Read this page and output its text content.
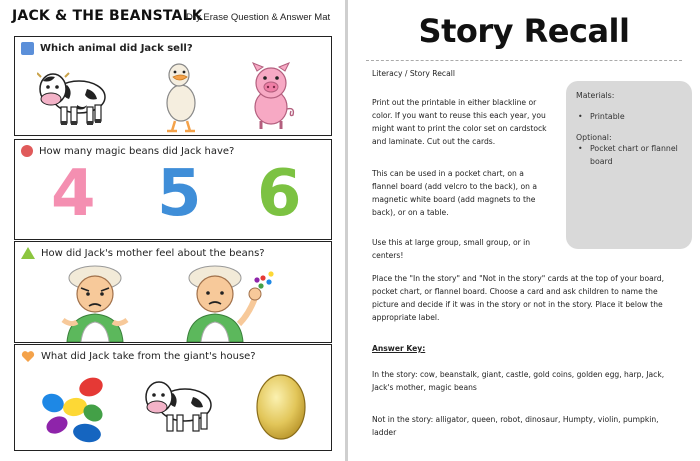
JACK & THE BEANSTALK
Dry Erase Question & Answer Mat
Which animal did Jack sell?
How many magic beans did Jack have?
4 5 6
How did Jack's mother feel about the beans?
What did Jack take from the giant's house?
Story Recall
Literacy / Story Recall
Print out the printable in either blackline or color. If you want to reuse this each year, you might want to print the color set on cardstock and laminate. Cut out the cards.
This can be used in a pocket chart, on a flannel board (add velcro to the back), on a magnetic white board (add magnets to the back), or on a table.
Use this at large group, small group, or in centers!
Place the "In the story" and "Not in the story" cards at the top of your board, pocket chart, or flannel board. Choose a card and ask children to name the picture and decide if it was in the story or not in the story. Place it below the appropriate label.
Answer Key:
In the story: cow, beanstalk, giant, castle, gold coins, golden egg, harp, Jack, Jack's mother, magic beans
Not in the story: alligator, queen, robot, dinosaur, Humpty, violin, pumpkin, ladder
Materials:
• Printable
Optional:
• Pocket chart or flannel board
